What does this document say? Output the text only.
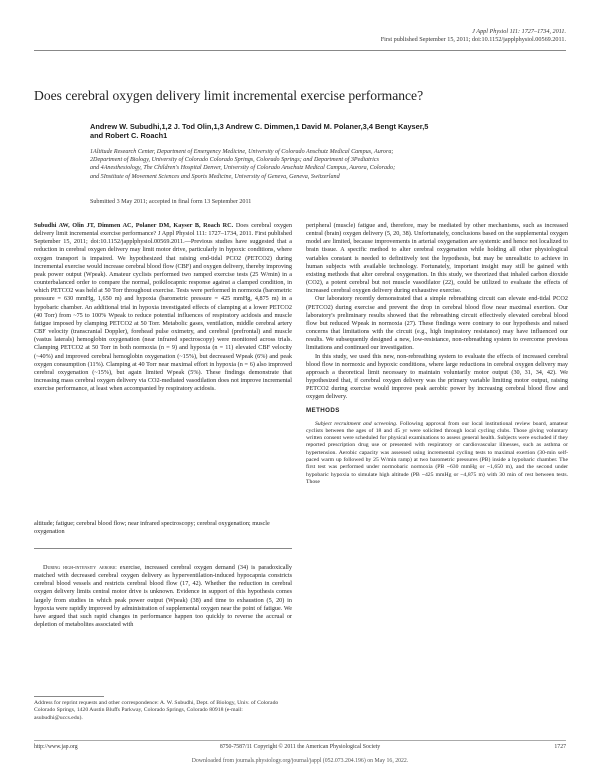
J Appl Physiol 111: 1727–1734, 2011.
First published September 15, 2011; doi:10.1152/japplphysiol.00569.2011.
Does cerebral oxygen delivery limit incremental exercise performance?
Andrew W. Subudhi,1,2 J. Tod Olin,1,3 Andrew C. Dimmen,1 David M. Polaner,3,4 Bengt Kayser,5
and Robert C. Roach1
1Altitude Research Center, Department of Emergency Medicine, University of Colorado Anschutz Medical Campus, Aurora;
2Department of Biology, University of Colorado Colorado Springs, Colorado Springs; and Department of 3Pediatrics
and 4Anesthesiology, The Children's Hospital Denver, University of Colorado Anschutz Medical Campus, Aurora, Colorado;
and 5Institute of Movement Sciences and Sports Medicine, University of Geneva, Geneva, Switzerland
Submitted 3 May 2011; accepted in final form 13 September 2011

Subudhi AW, Olin JT, Dimmen AC, Polaner DM, Kayser B, Roach RC. Does cerebral oxygen delivery limit incremental exercise performance? J Appl Physiol 111: 1727–1734, 2011. First published September 15, 2011; doi:10.1152/japplphysiol.00569.2011.—Previous studies have suggested that a reduction in cerebral oxygen delivery may limit motor drive, particularly in hypoxic conditions, where oxygen transport is impaired. We hypothesized that raising end-tidal PCO2 (PETCO2) during incremental exercise would increase cerebral blood flow (CBF) and oxygen delivery, thereby improving peak power output (Wpeak). Amateur cyclists performed two ramped exercise tests (25 W/min) in a counterbalanced order to compare the normal, poikilocapnic response against a clamped condition, in which PETCO2 was held at 50 Torr throughout exercise. Tests were performed in normoxia (barometric pressure = 630 mmHg, 1,650 m) and hypoxia (barometric pressure = 425 mmHg, 4,875 m) in a hypobaric chamber. An additional trial in hypoxia investigated effects of clamping at a lower PETCO2 (40 Torr) from ~75 to 100% Wpeak to reduce potential influences of respiratory acidosis and muscle fatigue imposed by clamping PETCO2 at 50 Torr. Metabolic gases, ventilation, middle cerebral artery CBF velocity (transcranial Doppler), forehead pulse oximetry, and cerebral (prefrontal) and muscle (vastus laterals) hemoglobin oxygenation (near infrared spectroscopy) were monitored across trials. Clamping PETCO2 at 50 Torr in both normoxia (n = 9) and hypoxia (n = 11) elevated CBF velocity (~40%) and improved cerebral hemoglobin oxygenation (~15%), but decreased Wpeak (6%) and peak oxygen consumption (11%). Clamping at 40 Torr near maximal effort in hypoxia (n = 6) also improved cerebral oxygenation (~15%), but again limited Wpeak (5%). These findings demonstrate that increasing mass cerebral oxygen delivery via CO2-mediated vasodilation does not improve incremental exercise performance, at least when accompanied by respiratory acidosis.

altitude; fatigue; cerebral blood flow; near infrared spectroscopy; cerebral oxygenation; muscle oxygenation

During high-intensity aerobic exercise, increased cerebral oxygen demand (34) is paradoxically matched with decreased cerebral oxygen delivery as hyperventilation-induced hypocapnia constricts cerebral blood vessels and restricts cerebral blood flow (17, 42). Whether the reduction in cerebral oxygen delivery limits central motor drive is unknown. Evidence in support of this hypothesis comes largely from studies in which peak power output (Wpeak) (38) and time to exhaustion (5, 20) in hypoxia were rapidly improved by administration of supplemental oxygen near the point of fatigue. We have argued that such rapid changes in performance happen too quickly to reverse the accrual or depletion of metabolites associated with

peripheral (muscle) fatigue and, therefore, may be mediated by other mechanisms, such as increased central (brain) oxygen delivery (5, 20, 38). Unfortunately, conclusions based on the supplemental oxygen model are limited, because improvements in arterial oxygenation are systemic and hence not localized to brain tissue. A specific method to alter cerebral oxygenation while holding all other physiological variables constant is needed to definitively test the hypothesis, but may be unrealistic to achieve in human subjects with available technology. Fortunately, important insight may still be gained with existing methods that alter cerebral oxygenation. In this study, we theorized that inhaled carbon dioxide (CO2), a potent cerebral but not muscle vasodilator (22), could be utilized to evaluate the effects of increased cerebral oxygen delivery during exhaustive exercise.

Our laboratory recently demonstrated that a simple rebreathing circuit can elevate end-tidal PCO2 (PETCO2) during exercise and prevent the drop in cerebral blood flow near maximal exertion. Our laboratory's preliminary results showed that the rebreathing circuit effectively elevated cerebral blood flow but reduced Wpeak in normoxia (27). These findings were contrary to our hypothesis and raised concerns that limitations with the circuit (e.g., high inspiratory resistance) may have influenced our results. We subsequently designed a new, low-resistance, non-rebreathing system to overcome previous limitations and continued our investigation.

In this study, we used this new, non-rebreathing system to evaluate the effects of increased cerebral blood flow in normoxic and hypoxic conditions, where large reductions in cerebral oxygen delivery may approach a theoretical limit necessary to maintain voluntarily motor output (30, 31, 34, 42). We hypothesized that, if cerebral oxygen delivery was the primary variable limiting motor output, raising PETCO2 during exercise would improve peak aerobic power by increasing cerebral blood flow and oxygen delivery.

METHODS

Subject recruitment and screening. Following approval from our local institutional review board, amateur cyclists between the ages of 18 and 45 yr were solicited through local cycling clubs. Those giving voluntary written consent were scheduled for physical examinations to assess general health. Subjects were excluded if they reported prescription drug use or presented with respiratory or cardiovascular illnesses, such as asthma or hypertension. Aerobic capacity was assessed using incremental cycling tests to maximal exertion (30-min self-paced warm up followed by 25 W/min ramp) at two barometric pressures (PB) inside a hypobaric chamber. The first test was performed under normobaric normoxia (PB ~630 mmHg or ~1,650 m), and the second under hypobaric hypoxia to simulate high altitude (PB ~425 mmHg or ~4,875 m) with 30 min of rest between tests. Those

Address for reprint requests and other correspondence: A. W. Subudhi, Dept. of Biology, Univ. of Colorado Colorado Springs, 1420 Austin Bluffs Parkway, Colorado Springs, Colorado 80918 (e-mail: asubudhi@uccs.edu).
http://www.jap.org	8750-7587/11 Copyright © 2011 the American Physiological Society	1727
Downloaded from journals.physiology.org/journal/jappl (052.073.204.196) on May 16, 2022.
